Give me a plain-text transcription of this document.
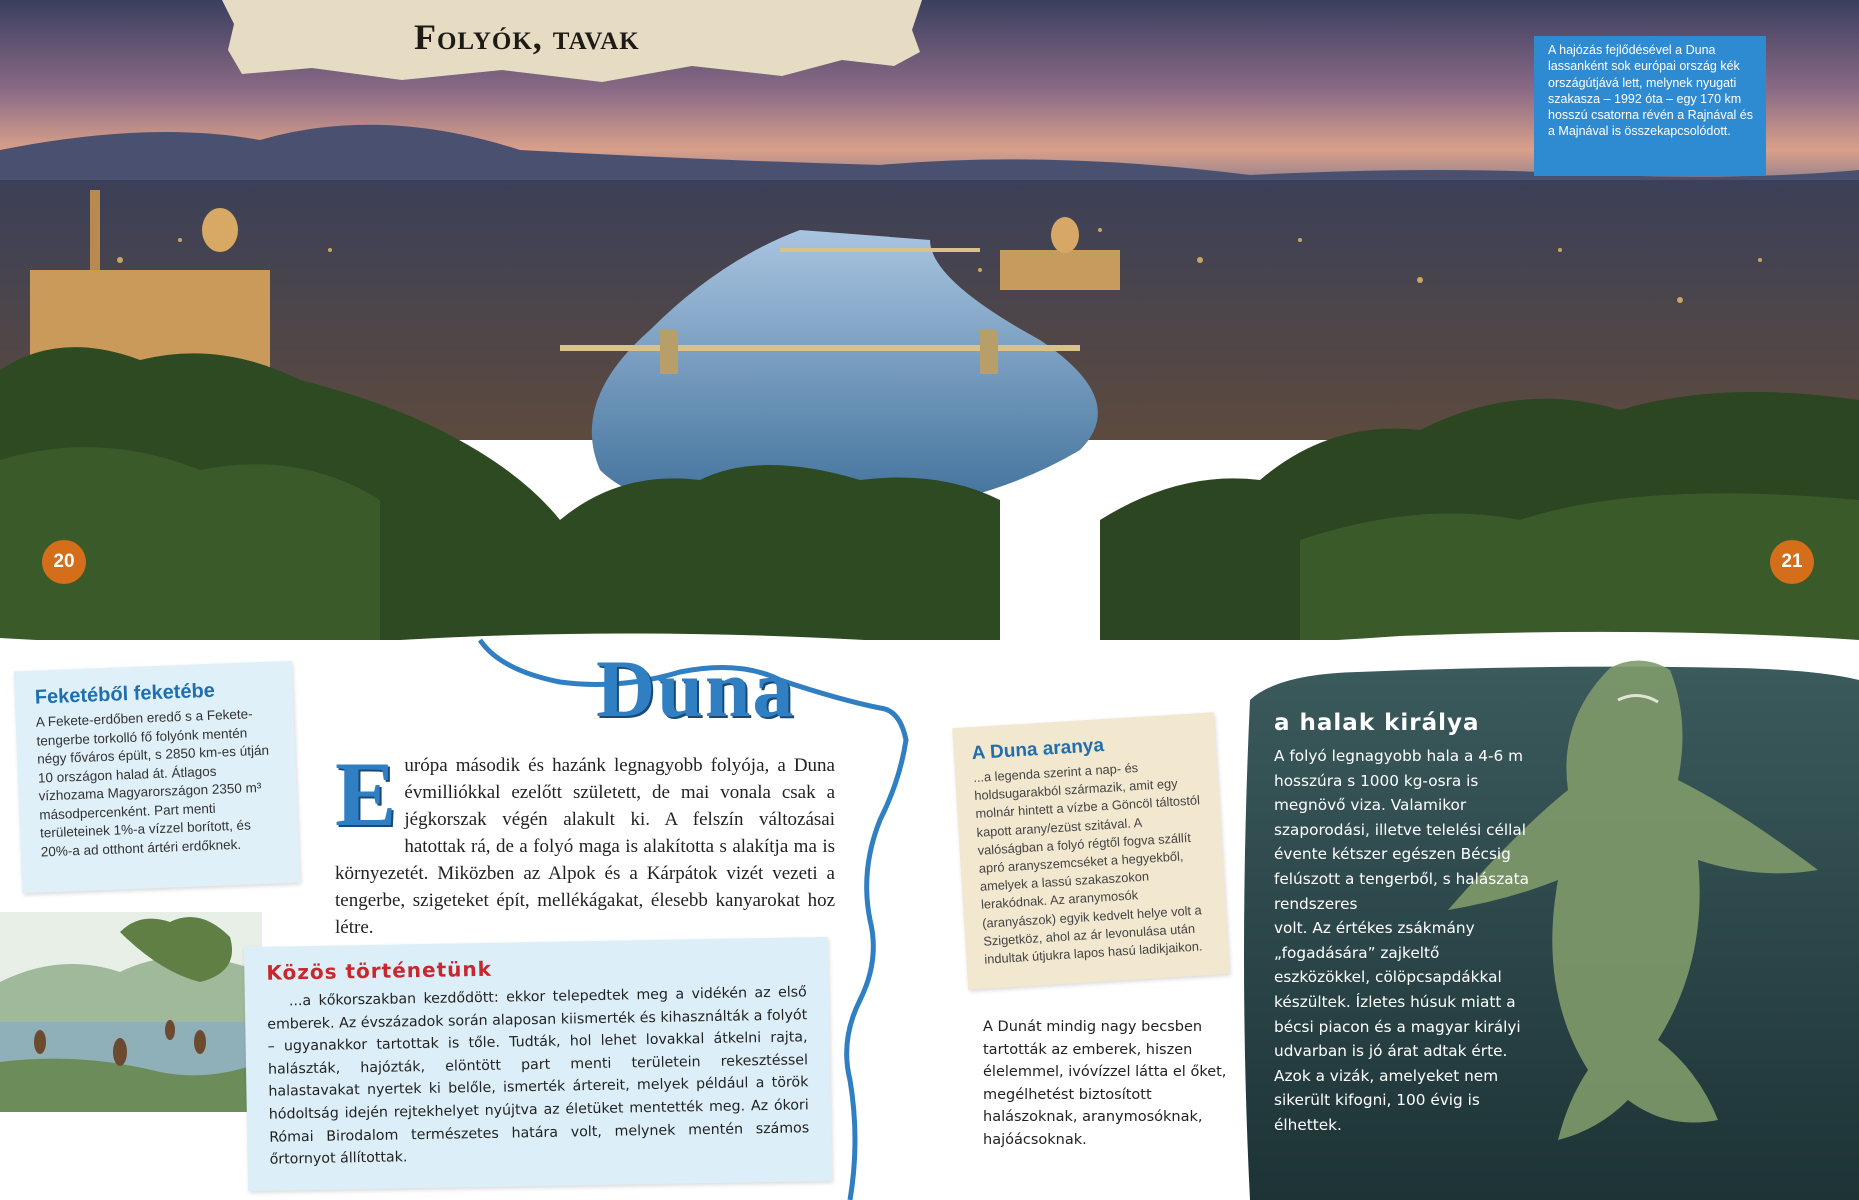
Folyók, tavak	A hajózás fejlődésével a Duna lassanként sok európai ország kék országútjává lett, melynek nyugati szakasza – 1992 óta – egy 170 km hosszú csatorna révén a Rajnával és a Majnával is összekapcsolódott.
20	21
Duna
E urópa második és hazánk legnagyobb folyója, a Duna évmilliókkal ezelőtt született, de mai vonala csak a jégkorszak végén alakult ki. A felszín változásai hatottak rá, de a folyó maga is alakította s alakítja ma is környezetét. Miközben az Alpok és a Kárpátok vizét vezeti a tengerbe, szigeteket épít, mellékágakat, élesebb kanyarokat hoz létre.
Feketéből feketébe

A Fekete-erdőben eredő s a Fekete-tengerbe torkolló fő folyónk mentén négy főváros épült, s 2850 km-es útján 10 országon halad át. Átlagos vízhozama Magyarországon 2350 m³ másodpercenként. Part menti területeinek 1%-a vízzel borított, és 20%-a ad otthont ártéri erdőknek.

Közös történetünk

...a kőkorszakban kezdődött: ekkor telepedtek meg a vidékén az első emberek. Az évszázadok során alaposan kiismerték és kihasználták a folyót – ugyanakkor tartottak is tőle. Tudták, hol lehet lovakkal átkelni rajta, halászták, hajózták, elöntött part menti területein rekesztéssel halastavakat nyertek ki belőle, ismerték ártereit, melyek például a török hódoltság idején rejtekhelyet nyújtva az életüket mentették meg. Az ókori Római Birodalom természetes határa volt, melynek mentén számos őrtornyot állítottak.

A Duna aranya

...a legenda szerint a nap- és holdsugarakból származik, amit egy molnár hintett a vízbe a Göncöl táltostól kapott arany/ezüst szitával. A valóságban a folyó régtől fogva szállít apró aranyszemcséket a hegyekből, amelyek a lassú szakaszokon lerakódnak. Az aranymosók (aranyászok) egyik kedvelt helye volt a Szigetköz, ahol az ár levonulása után indultak útjukra lapos hasú ladikjaikon.

A Dunát mindig nagy becsben tartották az emberek, hiszen élelemmel, ivóvízzel látta el őket, megélhetést biztosított halászoknak, aranymosóknak, hajóácsoknak.
a halak királya
A folyó legnagyobb hala a 4-6 m hosszúra s 1000 kg-osra is megnövő viza. Valamikor szaporodási, illetve telelési céllal évente kétszer egészen Bécsig felúszott a tengerből, s halászata rendszeres
volt. Az értékes zsákmány „fogadására” zajkeltő eszközökkel, cölöpcsapdákkal készültek. Ízletes húsuk miatt a bécsi piacon és a magyar királyi udvarban is jó árat adtak érte. Azok a vizák, amelyeket nem sikerült kifogni, 100 évig is élhettek.
